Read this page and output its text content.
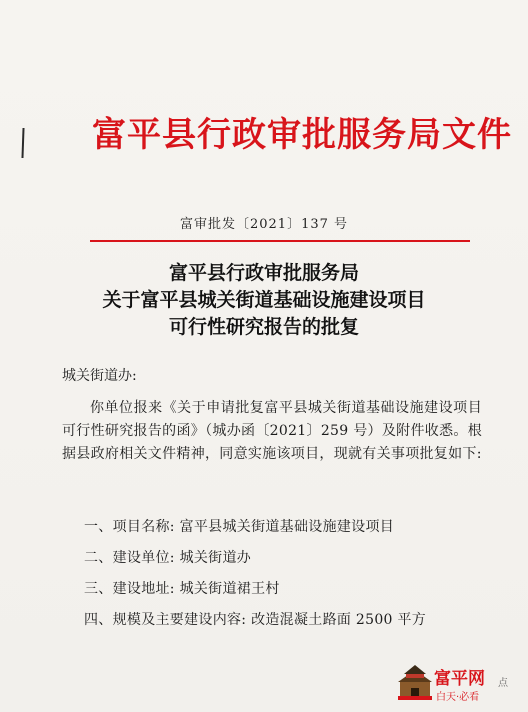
富平县行政审批服务局文件
富审批发〔2021〕137 号
富平县行政审批服务局
关于富平县城关街道基础设施建设项目
可行性研究报告的批复

城关街道办:

你单位报来《关于申请批复富平县城关街道基础设施建设项目可行性研究报告的函》（城办函〔2021〕259 号）及附件收悉。根据县政府相关文件精神，同意实施该项目，现就有关事项批复如下:

一、项目名称: 富平县城关街道基础设施建设项目
二、建设单位: 城关街道办
三、建设地址: 城关街道裙王村
四、规模及主要建设内容: 改造混凝土路面 2500 平方
富平网 点
白天·必看
